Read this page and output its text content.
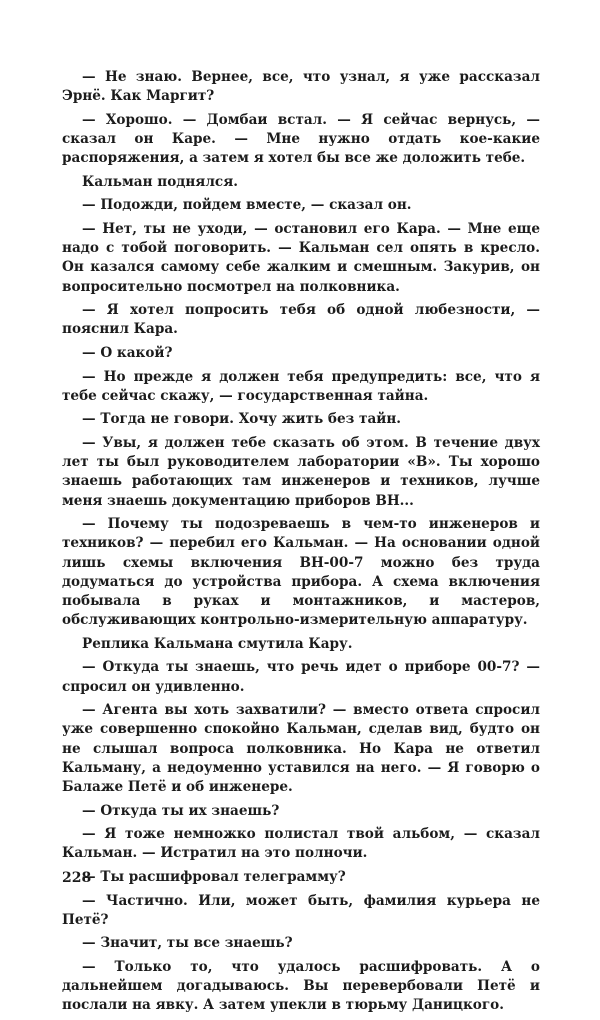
— Не знаю. Вернее, все, что узнал, я уже рассказал Эрнё. Как Маргит?

— Хорошо. — Домбаи встал. — Я сейчас вернусь, — сказал он Каре. — Мне нужно отдать кое-какие распоряжения, а затем я хотел бы все же доложить тебе.

Кальман поднялся.

— Подожди, пойдем вместе, — сказал он.

— Нет, ты не уходи, — остановил его Кара. — Мне еще надо с тобой поговорить. — Кальман сел опять в кресло. Он казался самому себе жалким и смешным. Закурив, он вопросительно посмотрел на полковника.

— Я хотел попросить тебя об одной любезности, — пояснил Кара.

— О какой?

— Но прежде я должен тебя предупредить: все, что я тебе сейчас скажу, — государственная тайна.

— Тогда не говори. Хочу жить без тайн.

— Увы, я должен тебе сказать об этом. В течение двух лет ты был руководителем лаборатории «В». Ты хорошо знаешь работающих там инженеров и техников, лучше меня знаешь документацию приборов ВН...

— Почему ты подозреваешь в чем-то инженеров и техников? — перебил его Кальман. — На основании одной лишь схемы включения ВН-00-7 можно без труда додуматься до устройства прибора. А схема включения побывала в руках и монтажников, и мастеров, обслуживающих контрольно-измерительную аппаратуру.

Реплика Кальмана смутила Кару.

— Откуда ты знаешь, что речь идет о приборе 00-7? — спросил он удивленно.

— Агента вы хоть захватили? — вместо ответа спросил уже совершенно спокойно Кальман, сделав вид, будто он не слышал вопроса полковника. Но Кара не ответил Кальману, а недоуменно уставился на него. — Я говорю о Балаже Петё и об инженере.

— Откуда ты их знаешь?

— Я тоже немножко полистал твой альбом, — сказал Кальман. — Истратил на это полночи.

— Ты расшифровал телеграмму?

— Частично. Или, может быть, фамилия курьера не Петё?

— Значит, ты все знаешь?

— Только то, что удалось расшифровать. А о дальнейшем догадываюсь. Вы перевербовали Петё и послали на явку. А затем упекли в тюрьму Даницкого.

228
